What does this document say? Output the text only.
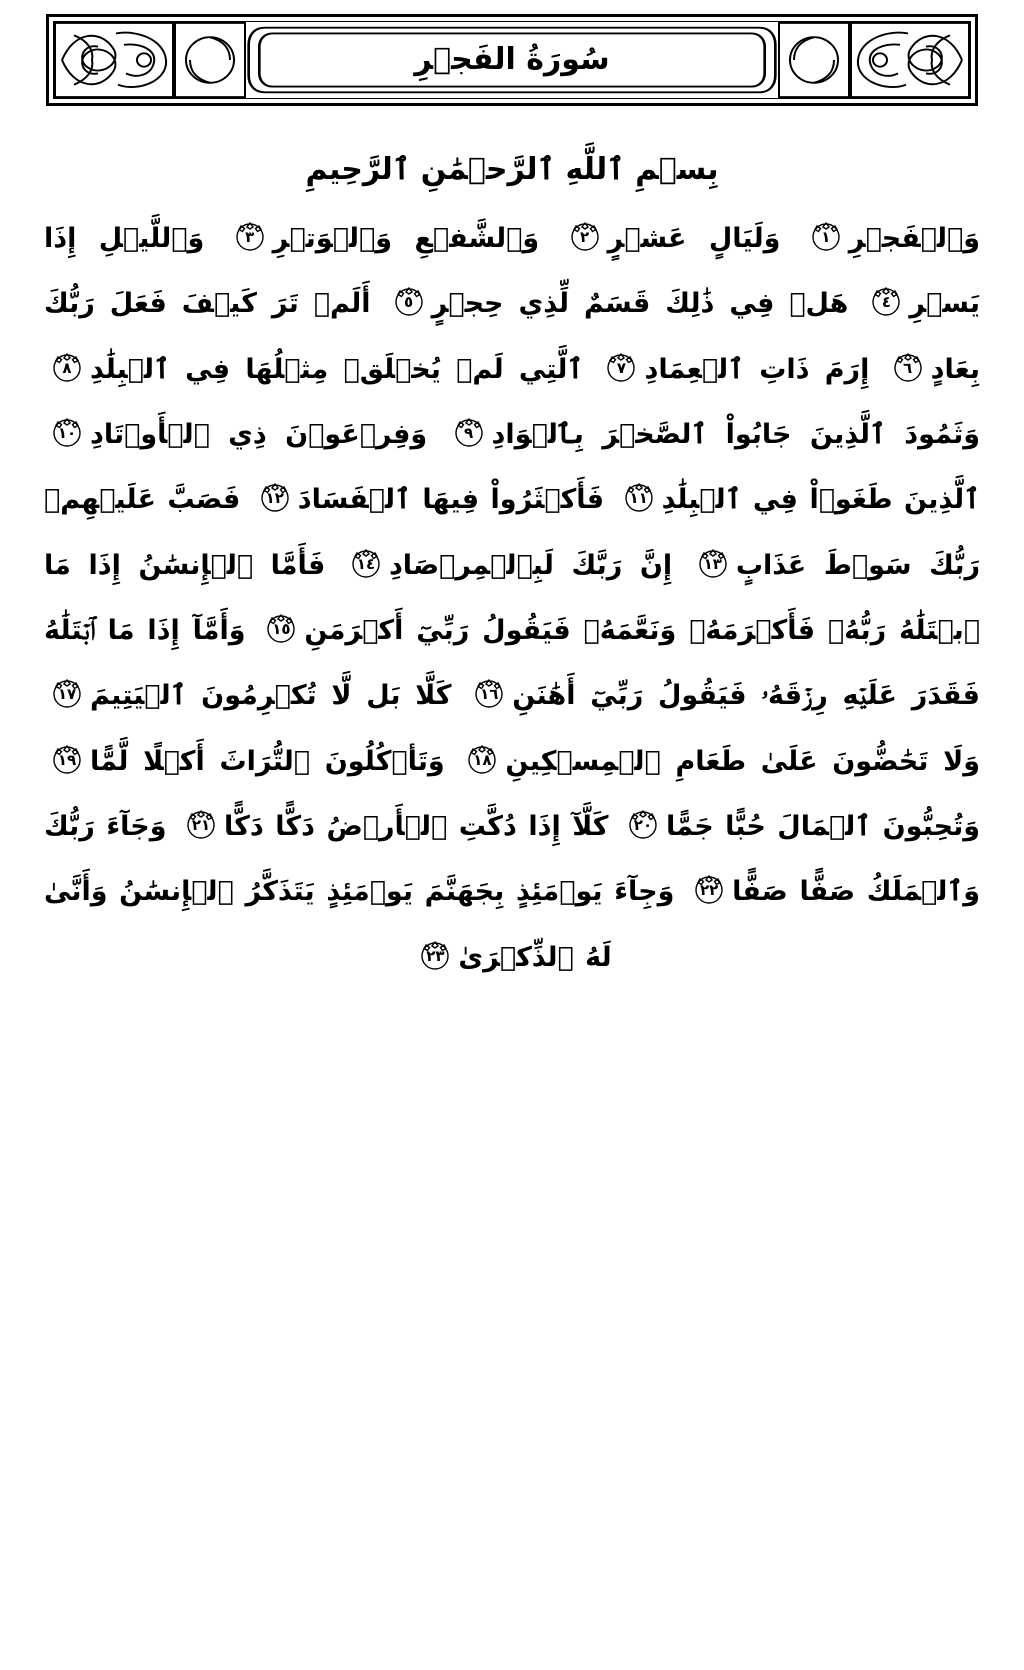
سُورَةُ الفَجۡرِ
بِسۡمِ ٱللَّهِ ٱلرَّحۡمَٰنِ ٱلرَّحِيمِ
وَٱلۡفَجۡرِ
١
وَلَيَالٍ عَشۡرٍ
٢
وَٱلشَّفۡعِ وَٱلۡوَتۡرِ
٣
وَٱللَّيۡلِ إِذَا يَسۡرِ
٤
هَلۡ فِي ذَٰلِكَ قَسَمٌ لِّذِي حِجۡرٍ
٥
أَلَمۡ تَرَ كَيۡفَ فَعَلَ رَبُّكَ بِعَادٍ
٦
إِرَمَ ذَاتِ ٱلۡعِمَادِ
٧
ٱلَّتِي لَمۡ يُخۡلَقۡ مِثۡلُهَا فِي ٱلۡبِلَٰدِ
٨
وَثَمُودَ ٱلَّذِينَ جَابُواْ ٱلصَّخۡرَ بِٱلۡوَادِ
٩
وَفِرۡعَوۡنَ ذِي ٱلۡأَوۡتَادِ
١٠
ٱلَّذِينَ طَغَوۡاْ فِي ٱلۡبِلَٰدِ
١١
فَأَكۡثَرُواْ فِيهَا ٱلۡفَسَادَ
١٢
فَصَبَّ عَلَيۡهِمۡ رَبُّكَ سَوۡطَ عَذَابٍ
١٣
إِنَّ رَبَّكَ لَبِٱلۡمِرۡصَادِ
١٤
فَأَمَّا ٱلۡإِنسَٰنُ إِذَا مَا ٱبۡتَلَٰهُ رَبُّهُۥ فَأَكۡرَمَهُۥ وَنَعَّمَهُۥ فَيَقُولُ رَبِّيٓ أَكۡرَمَنِ
١٥
وَأَمَّآ إِذَا مَا ٱبۡتَلَٰهُ فَقَدَرَ عَلَيۡهِ رِزۡقَهُۥ فَيَقُولُ رَبِّيٓ أَهَٰنَنِ
١٦
كَلَّا بَل لَّا تُكۡرِمُونَ ٱلۡيَتِيمَ
١٧
وَلَا تَحَٰضُّونَ عَلَىٰ طَعَامِ ٱلۡمِسۡكِينِ
١٨
وَتَأۡكُلُونَ ٱلتُّرَاثَ أَكۡلًا لَّمًّا
١٩
وَتُحِبُّونَ ٱلۡمَالَ حُبًّا جَمًّا
٢٠
كَلَّآ إِذَا دُكَّتِ ٱلۡأَرۡضُ دَكًّا دَكًّا
٢١
وَجَآءَ رَبُّكَ وَٱلۡمَلَكُ صَفًّا صَفًّا
٢٢
وَجِآءَ يَوۡمَئِذٍ بِجَهَنَّمَ يَوۡمَئِذٍ يَتَذَكَّرُ ٱلۡإِنسَٰنُ وَأَنَّىٰ لَهُ ٱلذِّكۡرَىٰ
٢٣
